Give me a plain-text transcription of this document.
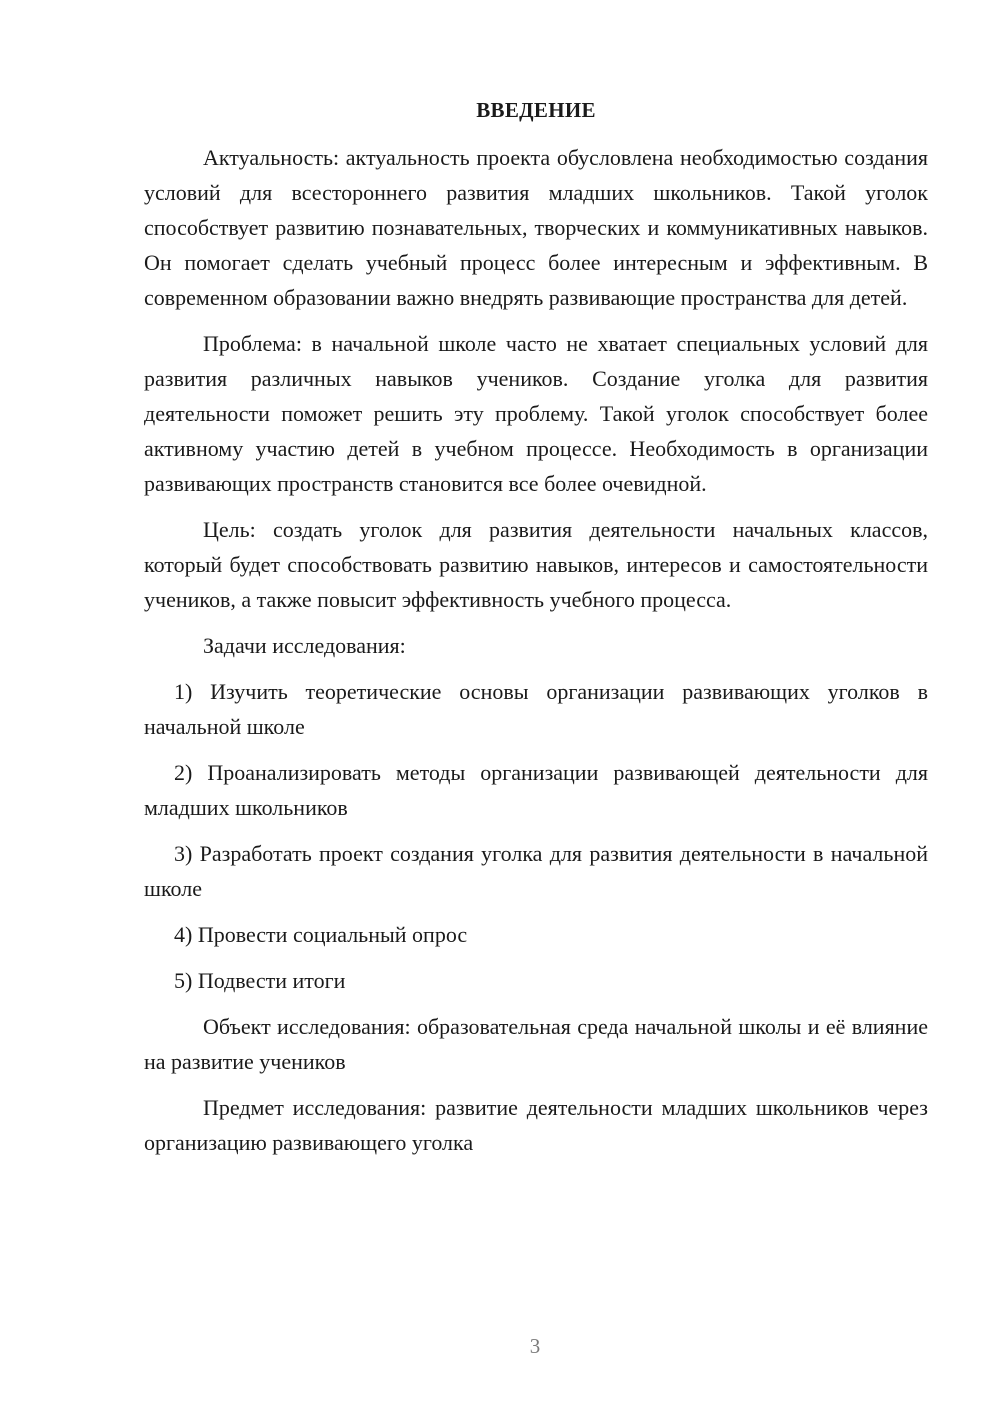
ВВЕДЕНИЕ

Актуальность: актуальность проекта обусловлена необходимостью создания условий для всестороннего развития младших школьников. Такой уголок способствует развитию познавательных, творческих и коммуникативных навыков. Он помогает сделать учебный процесс более интересным и эффективным. В современном образовании важно внедрять развивающие пространства для детей.

Проблема: в начальной школе часто не хватает специальных условий для развития различных навыков учеников. Создание уголка для развития деятельности поможет решить эту проблему. Такой уголок способствует более активному участию детей в учебном процессе. Необходимость в организации развивающих пространств становится все более очевидной.

Цель: создать уголок для развития деятельности начальных классов, который будет способствовать развитию навыков, интересов и самостоятельности учеников, а также повысит эффективность учебного процесса.

Задачи исследования:

1) Изучить теоретические основы организации развивающих уголков в начальной школе

2) Проанализировать методы организации развивающей деятельности для младших школьников

3) Разработать проект создания уголка для развития деятельности в начальной школе

4) Провести социальный опрос

5) Подвести итоги

Объект исследования: образовательная среда начальной школы и её влияние на развитие учеников

Предмет исследования: развитие деятельности младших школьников через организацию развивающего уголка

3
